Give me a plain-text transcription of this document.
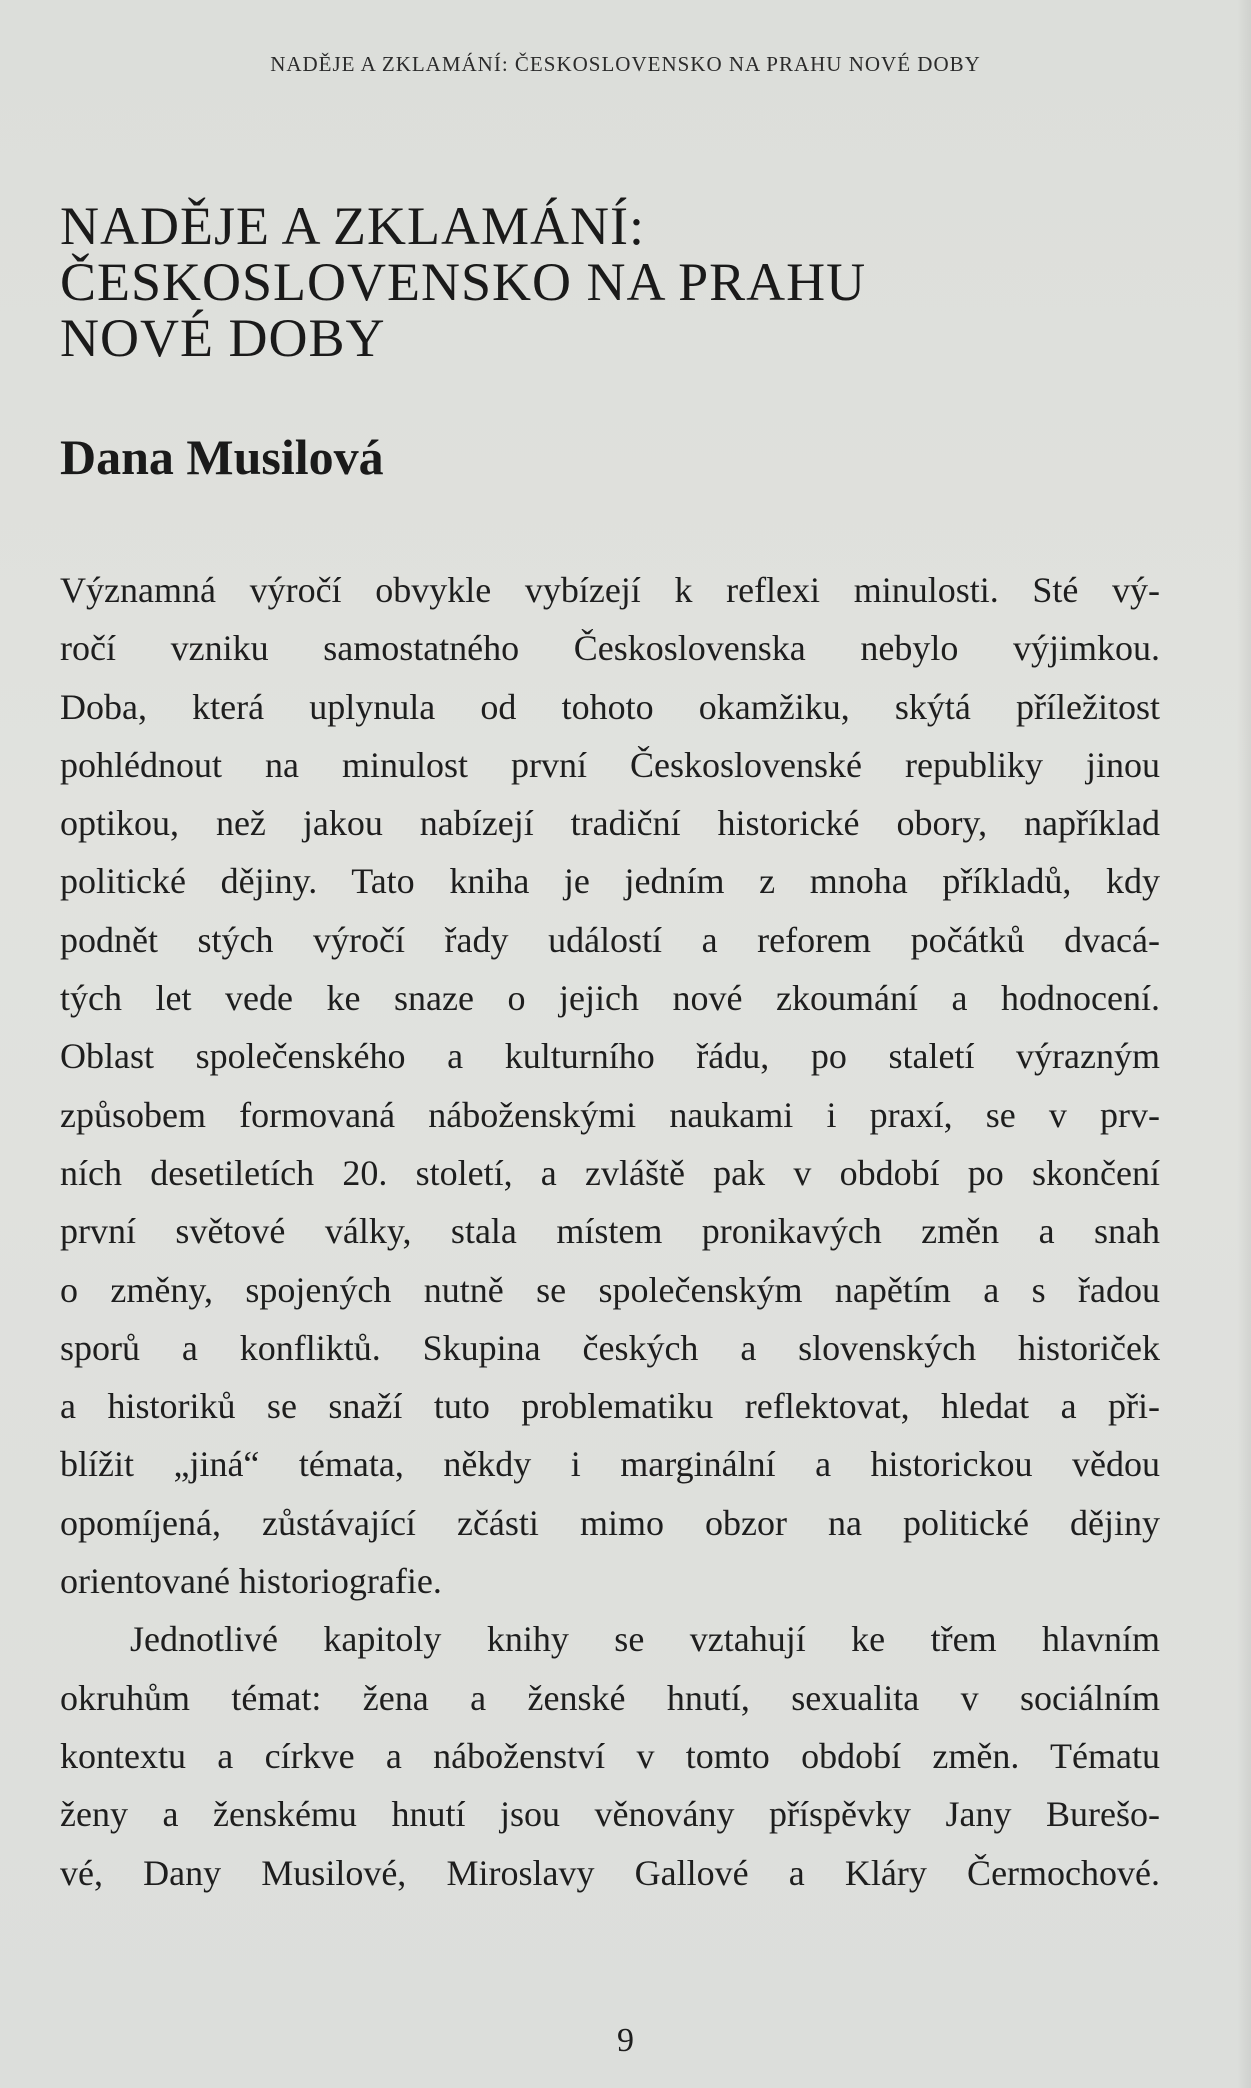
NADĚJE A ZKLAMÁNÍ: ČESKOSLOVENSKO NA PRAHU NOVÉ DOBY
NADĚJE A ZKLAMÁNÍ:
ČESKOSLOVENSKO NA PRAHU
NOVÉ DOBY
Dana Musilová
Významná výročí obvykle vybízejí k reflexi minulosti. Sté vý-
ročí vzniku samostatného Československa nebylo výjimkou.
Doba, která uplynula od tohoto okamžiku, skýtá příležitost
pohlédnout na minulost první Československé republiky jinou
optikou, než jakou nabízejí tradiční historické obory, například
politické dějiny. Tato kniha je jedním z mnoha příkladů, kdy
podnět stých výročí řady událostí a reforem počátků dvacá-
tých let vede ke snaze o jejich nové zkoumání a hodnocení.
Oblast společenského a kulturního řádu, po staletí výrazným
způsobem formovaná náboženskými naukami i praxí, se v prv-
ních desetiletích 20. století, a zvláště pak v období po skončení
první světové války, stala místem pronikavých změn a snah
o změny, spojených nutně se společenským napětím a s řadou
sporů a konfliktů. Skupina českých a slovenských historiček
a historiků se snaží tuto problematiku reflektovat, hledat a při-
blížit „jiná“ témata, někdy i marginální a historickou vědou
opomíjená, zůstávající zčásti mimo obzor na politické dějiny
orientované historiografie.
Jednotlivé kapitoly knihy se vztahují ke třem hlavním
okruhům témat: žena a ženské hnutí, sexualita v sociálním
kontextu a církve a náboženství v tomto období změn. Tématu
ženy a ženskému hnutí jsou věnovány příspěvky Jany Burešo-
vé, Dany Musilové, Miroslavy Gallové a Kláry Čermochové.
9
